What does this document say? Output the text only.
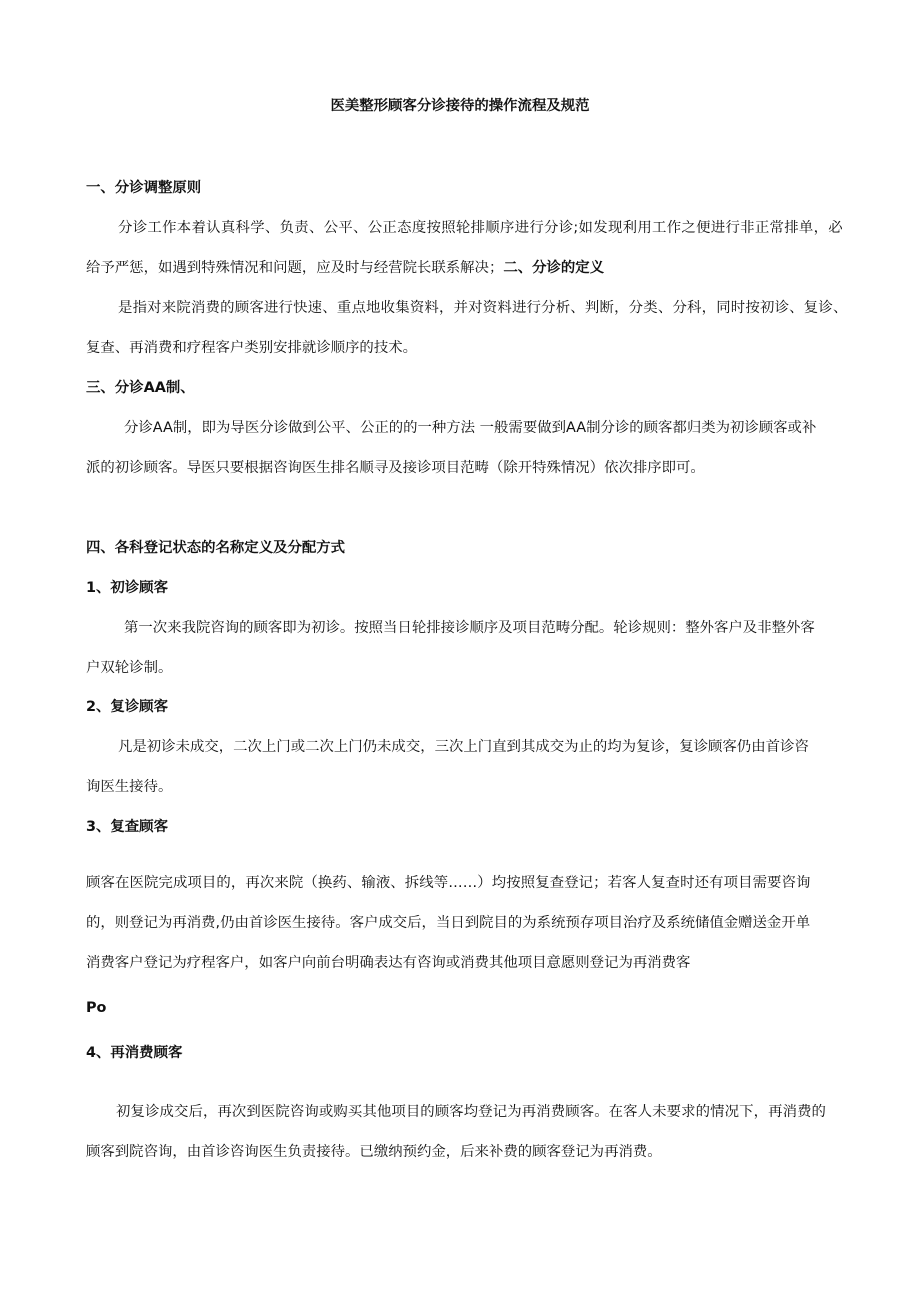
医美整形顾客分诊接待的操作流程及规范

一、分诊调整原则

分诊工作本着认真科学、负责、公平、公正态度按照轮排顺序进行分诊;如发现利用工作之便进行非正常排单，必

给予严惩，如遇到特殊情况和问题，应及时与经营院长联系解决；二、分诊的定义

是指对来院消费的顾客进行快速、重点地收集资料，并对资料进行分析、判断，分类、分科，同时按初诊、复诊、

复查、再消费和疗程客户类别安排就诊顺序的技术。

三、分诊AA制、

分诊AA制，即为导医分诊做到公平、公正的的一种方法 一般需要做到AA制分诊的顾客都归类为初诊顾客或补

派的初诊顾客。导医只要根据咨询医生排名顺寻及接诊项目范畴（除开特殊情况）依次排序即可。

四、各科登记状态的名称定义及分配方式

1、初诊顾客

第一次来我院咨询的顾客即为初诊。按照当日轮排接诊顺序及项目范畴分配。轮诊规则：整外客户及非整外客

户双轮诊制。

2、复诊顾客

凡是初诊未成交，二次上门或二次上门仍未成交，三次上门直到其成交为止的均为复诊，复诊顾客仍由首诊咨

询医生接待。

3、复查顾客

顾客在医院完成项目的，再次来院（换药、输液、拆线等……）均按照复查登记；若客人复查时还有项目需要咨询

的，则登记为再消费,仍由首诊医生接待。客户成交后，当日到院目的为系统预存项目治疗及系统储值金赠送金开单

消费客户登记为疗程客户，如客户向前台明确表达有咨询或消费其他项目意愿则登记为再消费客

Po

4、再消费顾客

初复诊成交后，再次到医院咨询或购买其他项目的顾客均登记为再消费顾客。在客人未要求的情况下，再消费的

顾客到院咨询，由首诊咨询医生负责接待。已缴纳预约金，后来补费的顾客登记为再消费。
